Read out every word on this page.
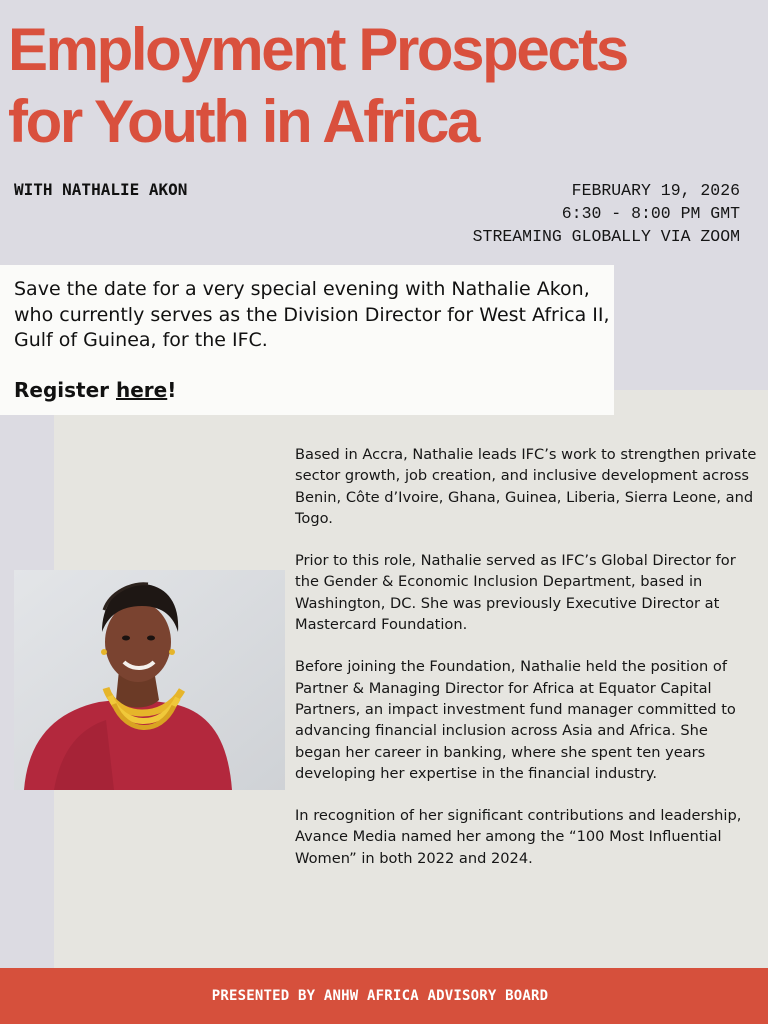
Employment Prospects
for Youth in Africa
WITH NATHALIE AKON	FEBRUARY 19, 2026
6:30 - 8:00 PM GMT
STREAMING GLOBALLY VIA ZOOM

Save the date for a very special evening with Nathalie Akon, who currently serves as the Division Director for West Africa II, Gulf of Guinea, for the IFC.

Register here!

Based in Accra, Nathalie leads IFC’s work to strengthen private sector growth, job creation, and inclusive development across Benin, Côte d’Ivoire, Ghana, Guinea, Liberia, Sierra Leone, and Togo.

Prior to this role, Nathalie served as IFC’s Global Director for the Gender & Economic Inclusion Department, based in Washington, DC. She was previously Executive Director at Mastercard Foundation.

Before joining the Foundation, Nathalie held the position of Partner & Managing Director for Africa at Equator Capital Partners, an impact investment fund manager committed to advancing financial inclusion across Asia and Africa. She began her career in banking, where she spent ten years developing her expertise in the financial industry.

In recognition of her significant contributions and leadership, Avance Media named her among the “100 Most Influential Women” in both 2022 and 2024.

PRESENTED BY ANHW AFRICA ADVISORY BOARD
